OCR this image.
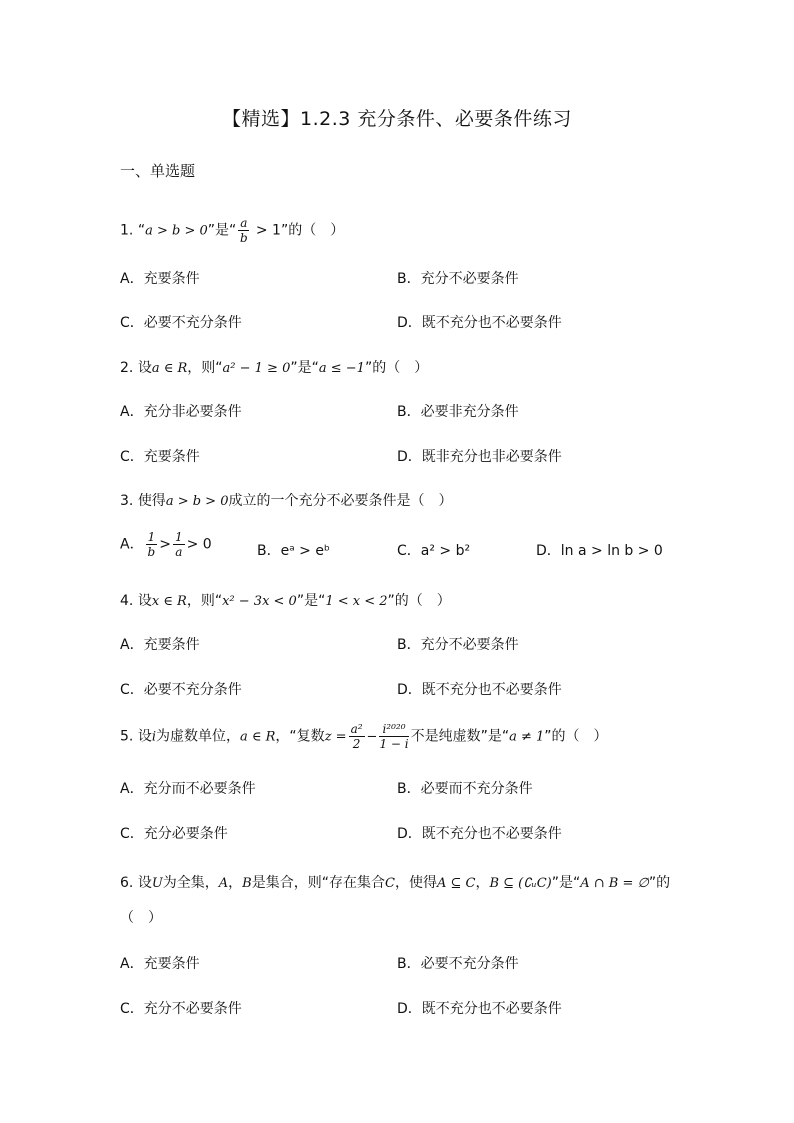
【精选】1.2.3 充分条件、必要条件练习
一、单选题
1. “a > b > 0”是“ $\frac{a}{b} > 1$”的（　）
A．充要条件	B．充分不必要条件
C．必要不充分条件	D．既不充分也不必要条件
2. 设a ∈ R，则“a² − 1 ≥ 0”是“a ≤ −1”的（　）
A．充分非必要条件	B．必要非充分条件
C．充要条件	D．既非充分也非必要条件
3. 使得a > b > 0成立的一个充分不必要条件是（　）
A． $\frac{1}{b} > \frac{1}{a} > 0$	B．eᵃ > eᵇ	C．a² > b²	D．ln a > ln b > 0
4. 设x ∈ R，则“x² − 3x < 0”是“1 < x < 2”的（　）
A．充要条件	B．充分不必要条件
C．必要不充分条件	D．既不充分也不必要条件
5. 设i为虚数单位，a ∈ R，“复数$z = \frac{\text{a²}}{2} - \frac{\text{i²⁰²⁰}}{1 - i}$ 不是纯虚数”是“a ≠ 1”的（　）
A．充分而不必要条件	B．必要而不充分条件
C．充分必要条件	D．既不充分也不必要条件
6. 设U为全集，A，B是集合，则“存在集合C，使得A ⊆ C，B ⊆ (∁ᵤC)”是“A ∩ B = ∅”的
（　）
A．充要条件	B．必要不充分条件
C．充分不必要条件	D．既不充分也不必要条件
